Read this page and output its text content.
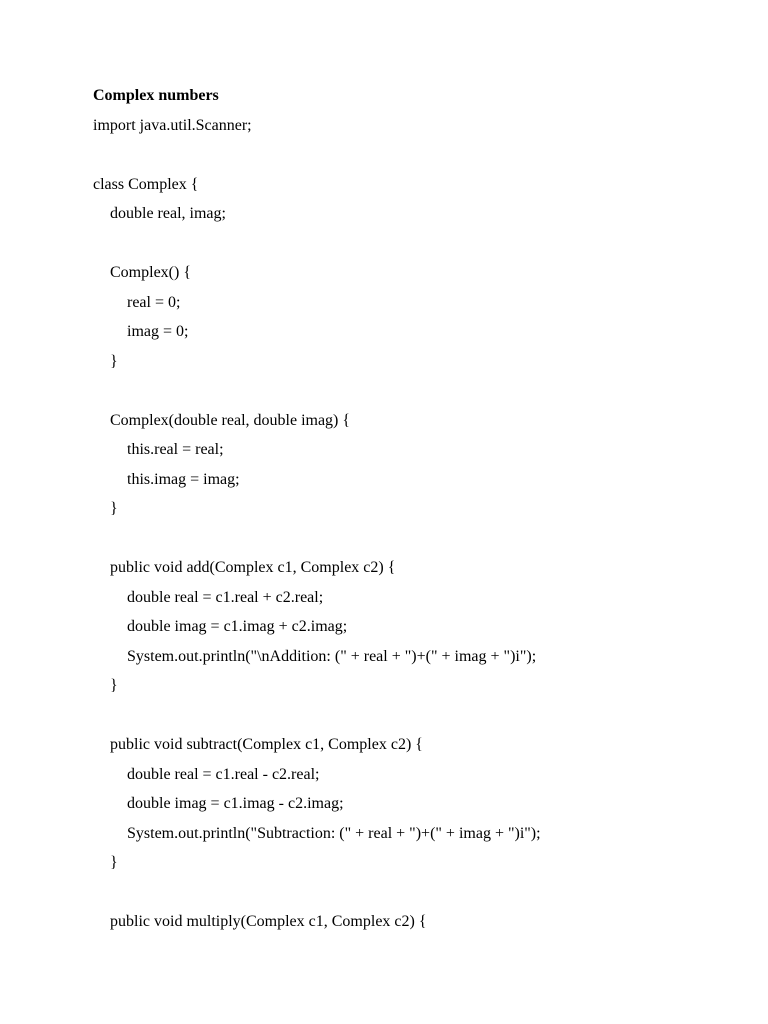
Complex numbers
import java.util.Scanner;
class Complex {
double real, imag;
Complex() {
real = 0;
imag = 0;
}
Complex(double real, double imag) {
this.real = real;
this.imag = imag;
}
public void add(Complex c1, Complex c2) {
double real = c1.real + c2.real;
double imag = c1.imag + c2.imag;
System.out.println("\nAddition: (" + real + ")+(" + imag + ")i");
}
public void subtract(Complex c1, Complex c2) {
double real = c1.real - c2.real;
double imag = c1.imag - c2.imag;
System.out.println("Subtraction: (" + real + ")+(" + imag + ")i");
}
public void multiply(Complex c1, Complex c2) {
